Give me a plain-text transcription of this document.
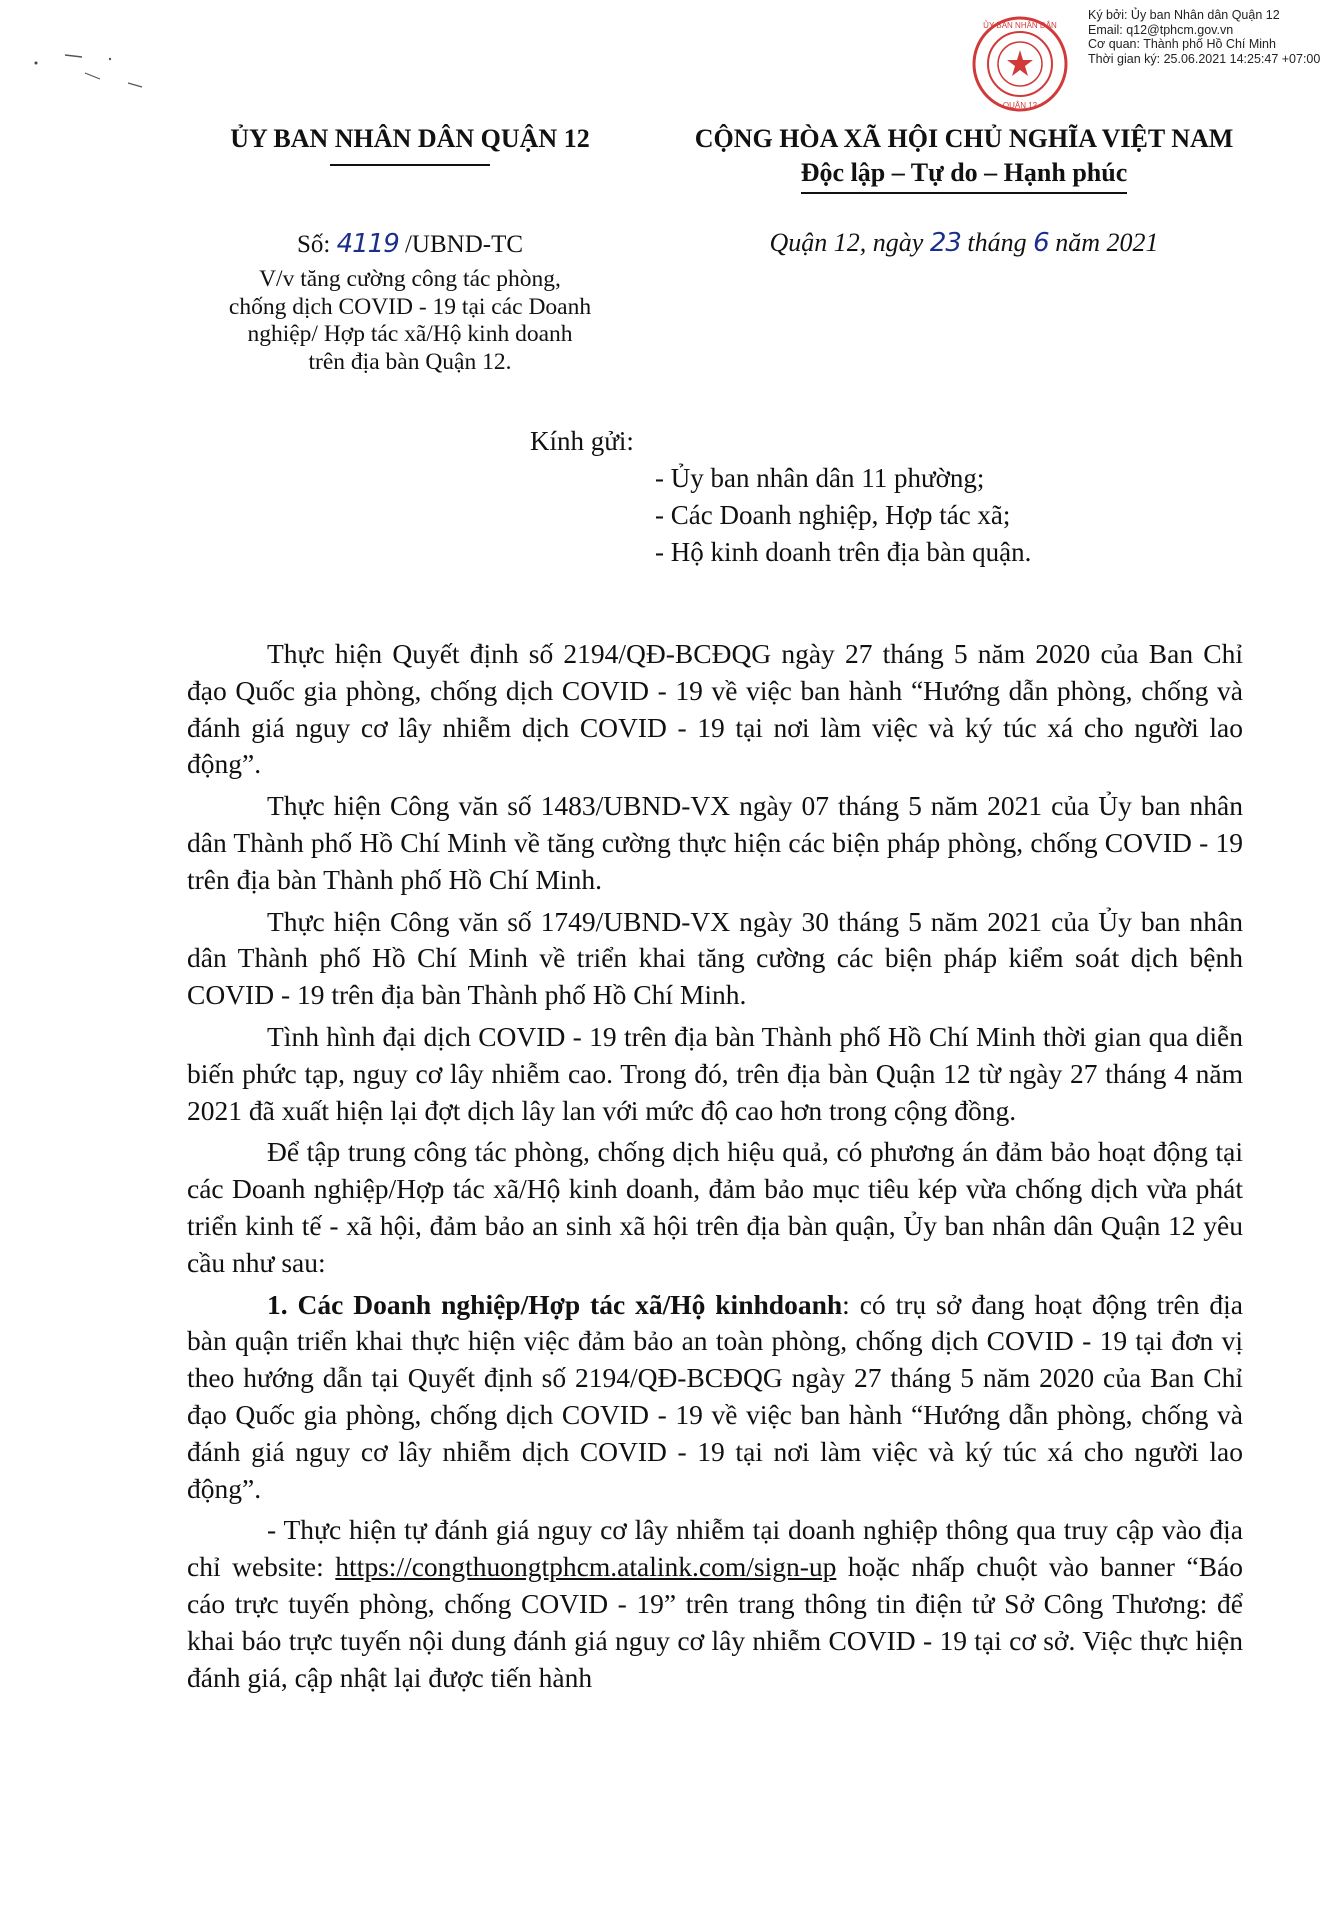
ỦY BAN NHÂN DÂN
QUẬN 12
Ký bởi: Ủy ban Nhân dân Quận 12
Email: q12@tphcm.gov.vn
Cơ quan: Thành phố Hồ Chí Minh
Thời gian ký: 25.06.2021 14:25:47 +07:00
ỦY BAN NHÂN DÂN QUẬN 12	CỘNG HÒA XÃ HỘI CHỦ NGHĨA VIỆT NAM
Độc lập – Tự do – Hạnh phúc
Số: 4119 /UBND-TC
V/v tăng cường công tác phòng,
chống dịch COVID - 19 tại các Doanh
nghiệp/ Hợp tác xã/Hộ kinh doanh
trên địa bàn Quận 12.
Quận 12, ngày 23 tháng 6 năm 2021
Kính gửi:
- Ủy ban nhân dân 11 phường;
- Các Doanh nghiệp, Hợp tác xã;
- Hộ kinh doanh trên địa bàn quận.

Thực hiện Quyết định số 2194/QĐ-BCĐQG ngày 27 tháng 5 năm 2020 của Ban Chỉ đạo Quốc gia phòng, chống dịch COVID - 19 về việc ban hành “Hướng dẫn phòng, chống và đánh giá nguy cơ lây nhiễm dịch COVID - 19 tại nơi làm việc và ký túc xá cho người lao động”.

Thực hiện Công văn số 1483/UBND-VX ngày 07 tháng 5 năm 2021 của Ủy ban nhân dân Thành phố Hồ Chí Minh về tăng cường thực hiện các biện pháp phòng, chống COVID - 19 trên địa bàn Thành phố Hồ Chí Minh.

Thực hiện Công văn số 1749/UBND-VX ngày 30 tháng 5 năm 2021 của Ủy ban nhân dân Thành phố Hồ Chí Minh về triển khai tăng cường các biện pháp kiểm soát dịch bệnh COVID - 19 trên địa bàn Thành phố Hồ Chí Minh.

Tình hình đại dịch COVID - 19 trên địa bàn Thành phố Hồ Chí Minh thời gian qua diễn biến phức tạp, nguy cơ lây nhiễm cao. Trong đó, trên địa bàn Quận 12 từ ngày 27 tháng 4 năm 2021 đã xuất hiện lại đợt dịch lây lan với mức độ cao hơn trong cộng đồng.

Để tập trung công tác phòng, chống dịch hiệu quả, có phương án đảm bảo hoạt động tại các Doanh nghiệp/Hợp tác xã/Hộ kinh doanh, đảm bảo mục tiêu kép vừa chống dịch vừa phát triển kinh tế - xã hội, đảm bảo an sinh xã hội trên địa bàn quận, Ủy ban nhân dân Quận 12 yêu cầu như sau:

1. Các Doanh nghiệp/Hợp tác xã/Hộ kinhdoanh: có trụ sở đang hoạt động trên địa bàn quận triển khai thực hiện việc đảm bảo an toàn phòng, chống dịch COVID - 19 tại đơn vị theo hướng dẫn tại Quyết định số 2194/QĐ-BCĐQG ngày 27 tháng 5 năm 2020 của Ban Chỉ đạo Quốc gia phòng, chống dịch COVID - 19 về việc ban hành “Hướng dẫn phòng, chống và đánh giá nguy cơ lây nhiễm dịch COVID - 19 tại nơi làm việc và ký túc xá cho người lao động”.

- Thực hiện tự đánh giá nguy cơ lây nhiễm tại doanh nghiệp thông qua truy cập vào địa chỉ website: https://congthuongtphcm.atalink.com/sign-up hoặc nhấp chuột vào banner “Báo cáo trực tuyến phòng, chống COVID - 19” trên trang thông tin điện tử Sở Công Thương: để khai báo trực tuyến nội dung đánh giá nguy cơ lây nhiễm COVID - 19 tại cơ sở. Việc thực hiện đánh giá, cập nhật lại được tiến hành
